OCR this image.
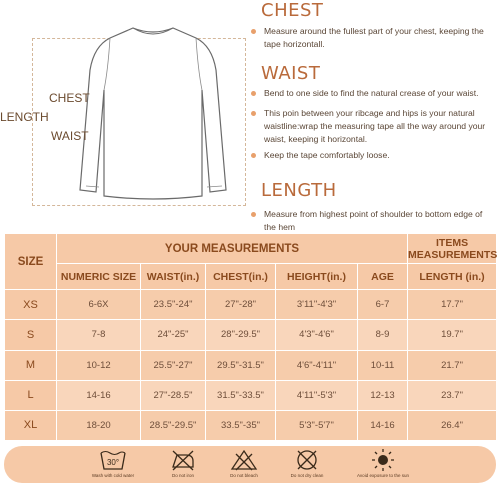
LENGTH
CHEST
WAIST
CHEST
Measure around the fullest part of your chest, keeping the tape horizontall.
WAIST
Bend to one side to find the natural crease of your waist.
This poin between your ribcage and hips is your natural waistline:wrap the measuring tape all the way around your waist, keeping it horizontal.
Keep the tape comfortably loose.
LENGTH
Measure from highest point of shoulder to bottom edge of the hem
SIZE	YOUR MEASUREMENTS					ITEMS MEASUREMENTS
	NUMERIC SIZE	WAIST(in.)	CHEST(in.)	HEIGHT(in.)	AGE	LENGTH (in.)
XS	6-6X	23.5"-24"	27"-28"	3'11"-4'3"	6-7	17.7"
S	7-8	24"-25"	28"-29.5"	4'3"-4'6"	8-9	19.7"
M	10-12	25.5"-27"	29.5"-31.5"	4'6"-4'11"	10-11	21.7"
L	14-16	27"-28.5"	31.5"-33.5"	4'11"-5'3"	12-13	23.7"
XL	18-20	28.5"-29.5"	33.5"-35"	5'3"-5'7"	14-16	26.4"
30°
Wash with cold water	Do not iron	Do not bleach	Do not dry clean	Avoid exposure to the sun
